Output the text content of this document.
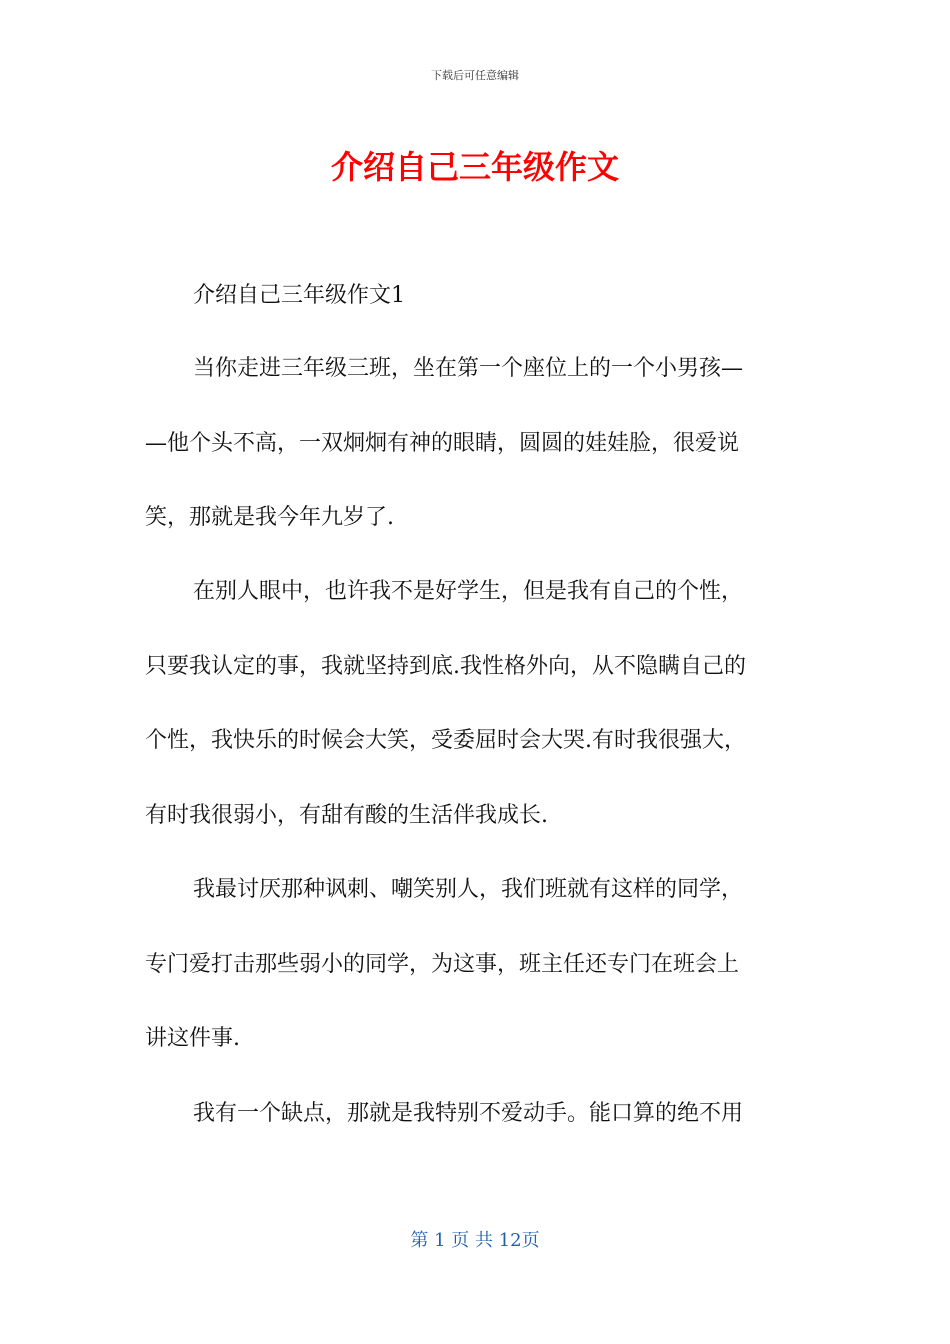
下载后可任意编辑
介绍自己三年级作文
介绍自己三年级作文1
当你走进三年级三班，坐在第一个座位上的一个小男孩—
—他个头不高，一双炯炯有神的眼睛，圆圆的娃娃脸，很爱说
笑，那就是我今年九岁了.
在别人眼中，也许我不是好学生，但是我有自己的个性，
只要我认定的事，我就坚持到底.我性格外向，从不隐瞒自己的
个性，我快乐的时候会大笑，受委屈时会大哭.有时我很强大，
有时我很弱小，有甜有酸的生活伴我成长.
我最讨厌那种讽刺、嘲笑别人，我们班就有这样的同学，
专门爱打击那些弱小的同学，为这事，班主任还专门在班会上
讲这件事.
我有一个缺点，那就是我特别不爱动手。能口算的绝不用
第 1 页 共 12页
